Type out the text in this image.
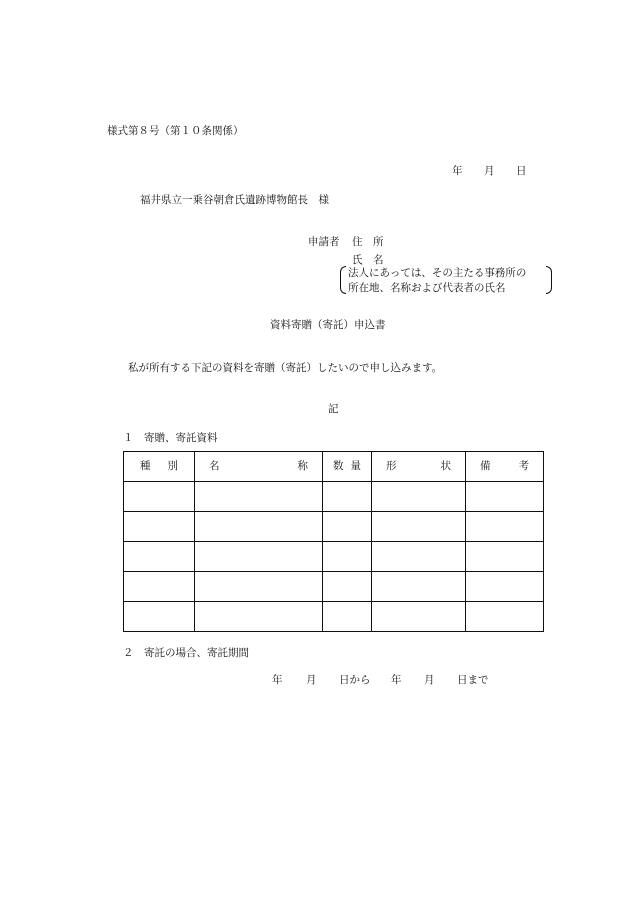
様式第８号（第１０条関係）
年 月 日
福井県立一乗谷朝倉氏遺跡博物館長　様
申請者 住　所
氏　名
法人にあっては、その主たる事務所の
所在地、名称および代表者の氏名
資料寄贈（寄託）申込書
私が所有する下記の資料を寄贈（寄託）したいので申し込みます。
記
１　寄贈、寄託資料
種 別	名 称	数 量	形 状	備 考

２　寄託の場合、寄託期間
年 月 日から 年 月 日まで
